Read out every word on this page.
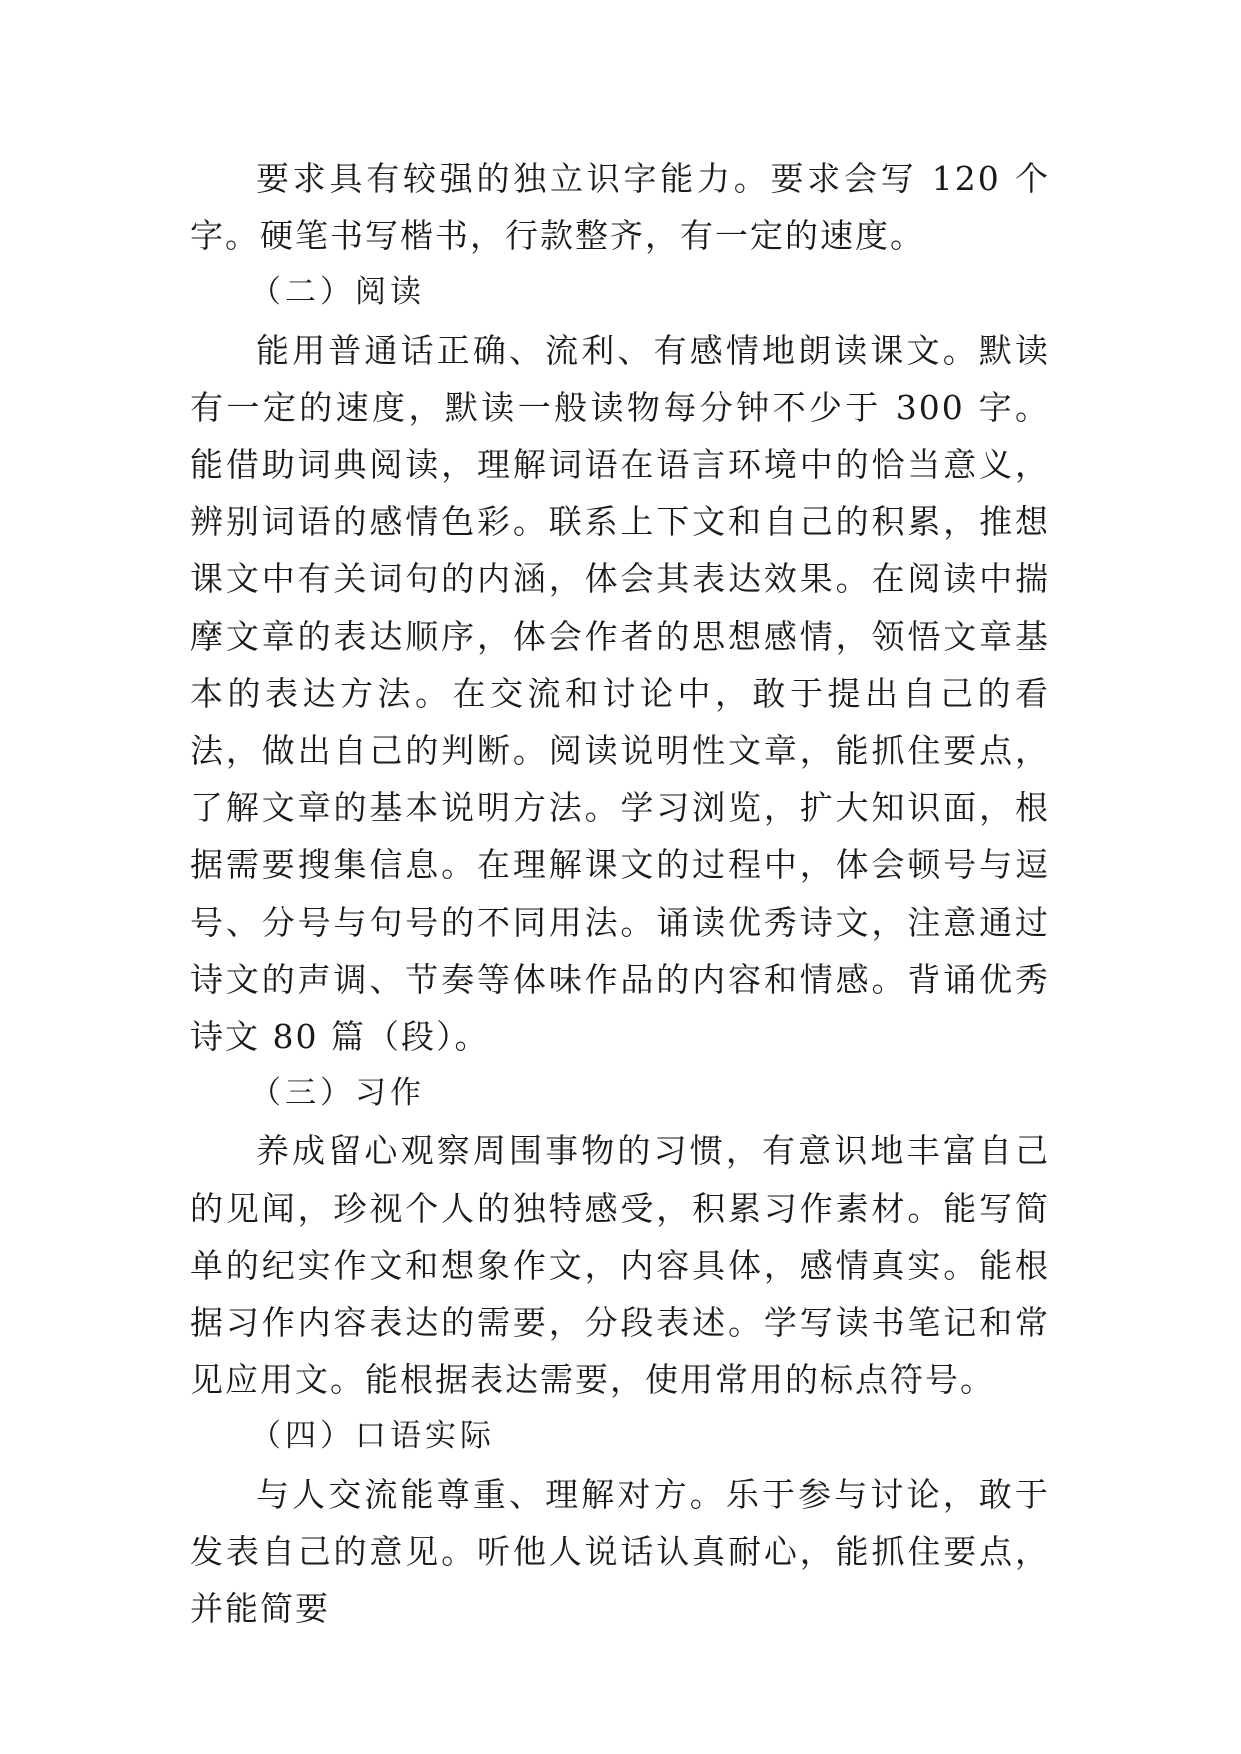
要求具有较强的独立识字能力。要求会写 120 个字。硬笔书写楷书，行款整齐，有一定的速度。

（二）阅读

能用普通话正确、流利、有感情地朗读课文。默读有一定的速度，默读一般读物每分钟不少于 300 字。能借助词典阅读，理解词语在语言环境中的恰当意义，辨别词语的感情色彩。联系上下文和自己的积累，推想课文中有关词句的内涵，体会其表达效果。在阅读中揣摩文章的表达顺序，体会作者的思想感情，领悟文章基本的表达方法。在交流和讨论中，敢于提出自己的看法，做出自己的判断。阅读说明性文章，能抓住要点，了解文章的基本说明方法。学习浏览，扩大知识面，根据需要搜集信息。在理解课文的过程中，体会顿号与逗号、分号与句号的不同用法。诵读优秀诗文，注意通过诗文的声调、节奏等体味作品的内容和情感。背诵优秀诗文 80 篇（段）。

（三）习作

养成留心观察周围事物的习惯，有意识地丰富自己的见闻，珍视个人的独特感受，积累习作素材。能写简单的纪实作文和想象作文，内容具体，感情真实。能根据习作内容表达的需要，分段表述。学写读书笔记和常见应用文。能根据表达需要，使用常用的标点符号。

（四）口语实际

与人交流能尊重、理解对方。乐于参与讨论，敢于发表自己的意见。听他人说话认真耐心，能抓住要点，并能简要
